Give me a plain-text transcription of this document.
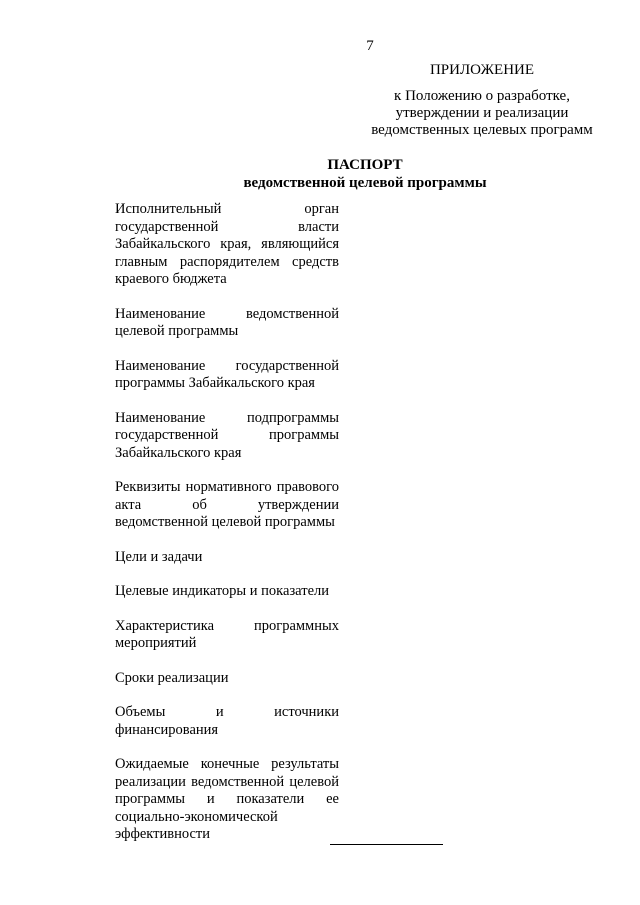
7
ПРИЛОЖЕНИЕ
к Положению о разработке,
утверждении и реализации
ведомственных целевых программ
ПАСПОРТ
ведомственной целевой программы
Исполнительный орган государственной власти Забайкальского края, являющийся главным распорядителем средств краевого бюджета
Наименование ведомственной целевой программы
Наименование государственной программы Забайкальского края
Наименование подпрограммы государственной программы Забайкальского края
Реквизиты нормативного правового акта об утверждении ведомственной целевой программы
Цели и задачи
Целевые индикаторы и показатели
Характеристика программных мероприятий
Сроки реализации
Объемы и источники финансирования
Ожидаемые конечные результаты реализации ведомственной целевой программы и показатели ее социально-экономической эффективности
